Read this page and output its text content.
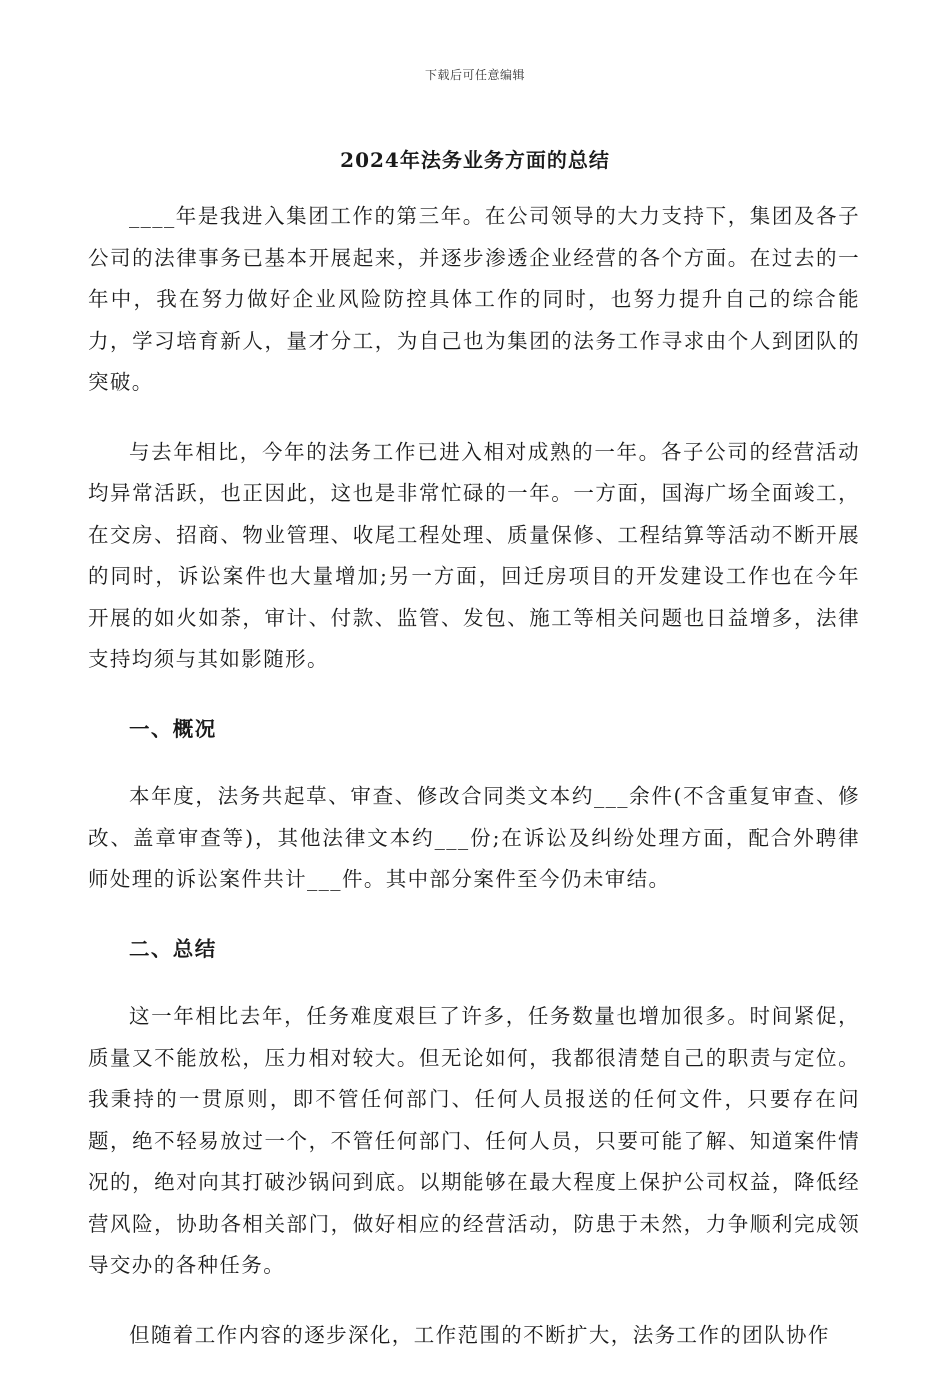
下载后可任意编辑
2024年法务业务方面的总结

____年是我进入集团工作的第三年。在公司领导的大力支持下，集团及各子公司的法律事务已基本开展起来，并逐步渗透企业经营的各个方面。在过去的一年中，我在努力做好企业风险防控具体工作的同时，也努力提升自己的综合能力，学习培育新人，量才分工，为自己也为集团的法务工作寻求由个人到团队的突破。

与去年相比，今年的法务工作已进入相对成熟的一年。各子公司的经营活动均异常活跃，也正因此，这也是非常忙碌的一年。一方面，国海广场全面竣工，在交房、招商、物业管理、收尾工程处理、质量保修、工程结算等活动不断开展的同时，诉讼案件也大量增加;另一方面，回迁房项目的开发建设工作也在今年开展的如火如荼，审计、付款、监管、发包、施工等相关问题也日益增多，法律支持均须与其如影随形。

一、概况

本年度，法务共起草、审查、修改合同类文本约___余件(不含重复审查、修改、盖章审查等)，其他法律文本约___份;在诉讼及纠纷处理方面，配合外聘律师处理的诉讼案件共计___件。其中部分案件至今仍未审结。

二、总结

这一年相比去年，任务难度艰巨了许多，任务数量也增加很多。时间紧促，质量又不能放松，压力相对较大。但无论如何，我都很清楚自己的职责与定位。我秉持的一贯原则，即不管任何部门、任何人员报送的任何文件，只要存在问题，绝不轻易放过一个，不管任何部门、任何人员，只要可能了解、知道案件情况的，绝对向其打破沙锅问到底。以期能够在最大程度上保护公司权益，降低经营风险，协助各相关部门，做好相应的经营活动，防患于未然，力争顺利完成领导交办的各种任务。

但随着工作内容的逐步深化，工作范围的不断扩大，法务工作的团队协作
